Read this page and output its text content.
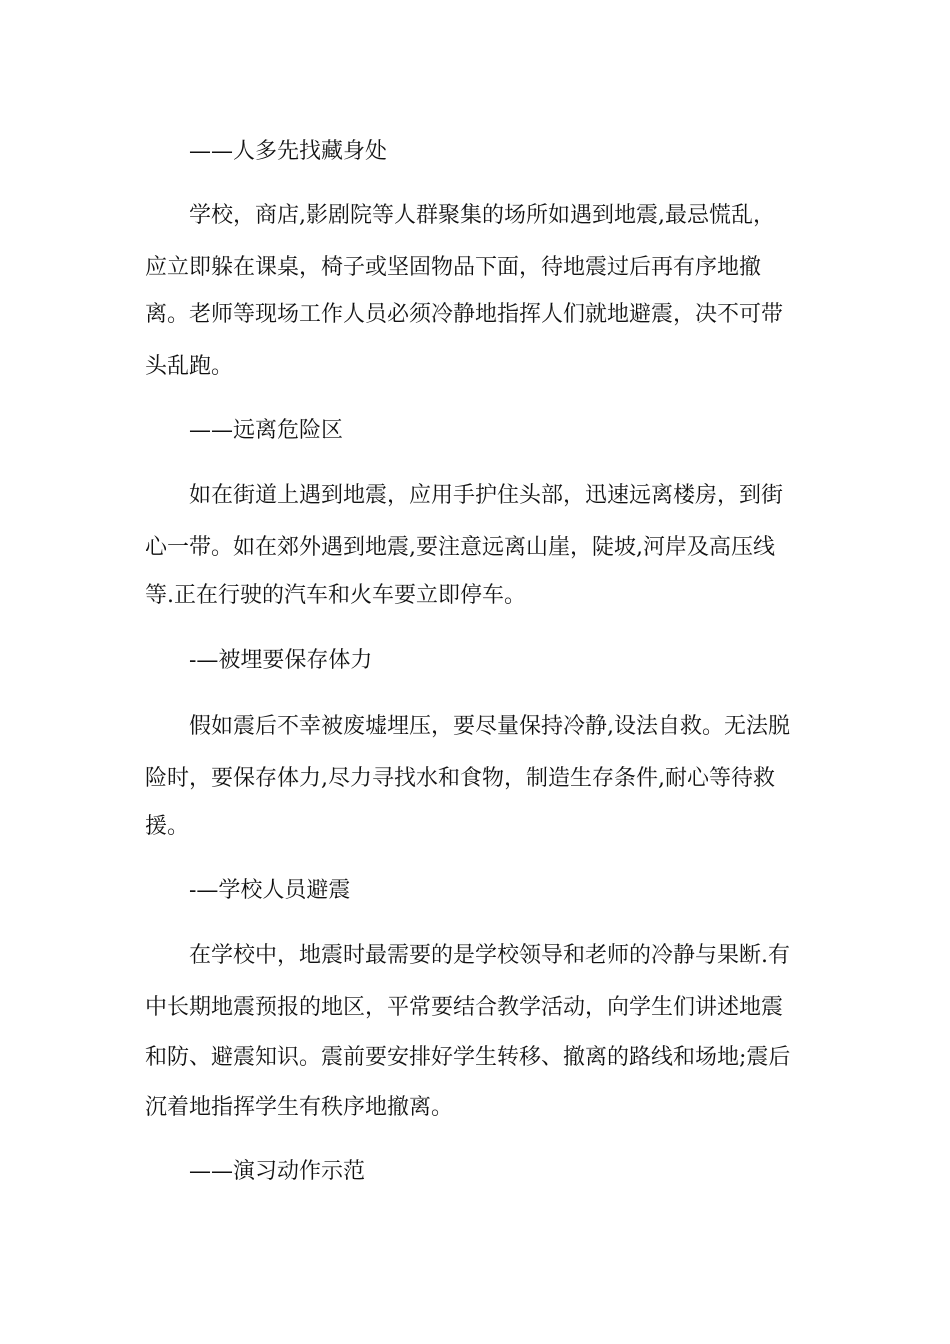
——人多先找藏身处
学校，商店,影剧院等人群聚集的场所如遇到地震,最忌慌乱，
应立即躲在课桌，椅子或坚固物品下面，待地震过后再有序地撤
离。老师等现场工作人员必须冷静地指挥人们就地避震，决不可带
头乱跑。
——远离危险区
如在街道上遇到地震，应用手护住头部，迅速远离楼房，到街
心一带。如在郊外遇到地震,要注意远离山崖，陡坡,河岸及高压线
等.正在行驶的汽车和火车要立即停车。
-—被埋要保存体力
假如震后不幸被废墟埋压，要尽量保持冷静,设法自救。无法脱
险时，要保存体力,尽力寻找水和食物，制造生存条件,耐心等待救
援。
-—学校人员避震
在学校中，地震时最需要的是学校领导和老师的冷静与果断.有
中长期地震预报的地区，平常要结合教学活动，向学生们讲述地震
和防、避震知识。震前要安排好学生转移、撤离的路线和场地;震后
沉着地指挥学生有秩序地撤离。
——演习动作示范
